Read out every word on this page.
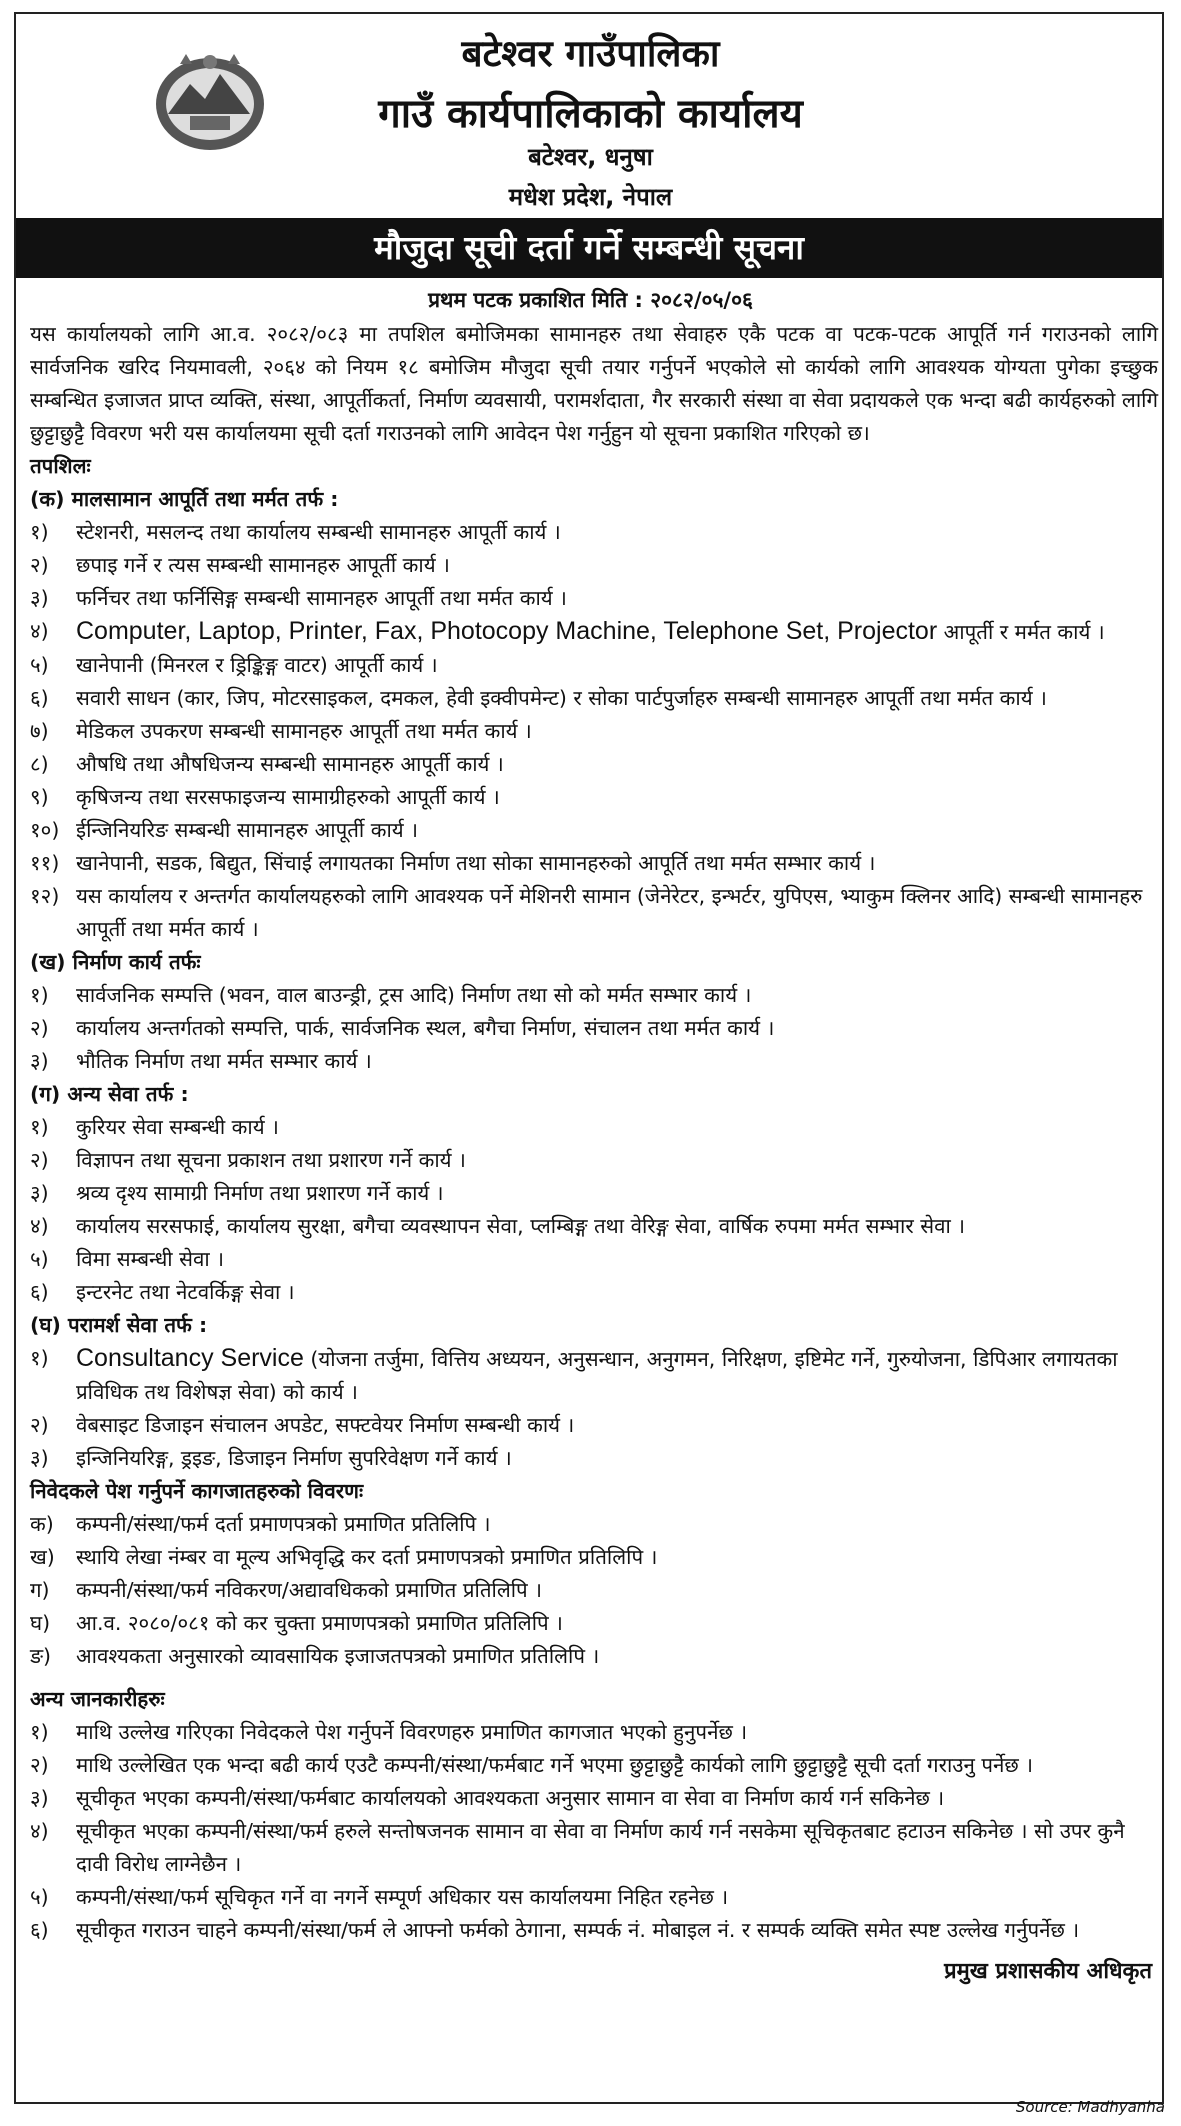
बटेश्वर गाउँपालिका
गाउँ कार्यपालिकाको कार्यालय
बटेश्वर, धनुषा
मधेश प्रदेश, नेपाल
मौजुदा सूची दर्ता गर्ने सम्बन्धी सूचना
प्रथम पटक प्रकाशित मिति : २०८२/०५/०६
यस कार्यालयको लागि आ.व. २०८२/०८३ मा तपशिल बमोजिमका सामानहरु तथा सेवाहरु एकै पटक वा पटक-पटक आपूर्ति गर्न गराउनको लागि सार्वजनिक खरिद नियमावली, २०६४ को नियम १८ बमोजिम मौजुदा सूची तयार गर्नुपर्ने भएकोले सो कार्यको लागि आवश्यक योग्यता पुगेका इच्छुक सम्बन्धित इजाजत प्राप्त व्यक्ति, संस्था, आपूर्तीकर्ता, निर्माण व्यवसायी, परामर्शदाता, गैर सरकारी संस्था वा सेवा प्रदायकले एक भन्दा बढी कार्यहरुको लागि छुट्टाछुट्टै विवरण भरी यस कार्यालयमा सूची दर्ता गराउनको लागि आवेदन पेश गर्नुहुन यो सूचना प्रकाशित गरिएको छ।
तपशिलः
(क) मालसामान आपूर्ति तथा मर्मत तर्फ :
१)	स्टेशनरी, मसलन्द तथा कार्यालय सम्बन्धी सामानहरु आपूर्ती कार्य ।
२)	छपाइ गर्ने र त्यस सम्बन्धी सामानहरु आपूर्ती कार्य ।
३)	फर्निचर तथा फर्निसिङ्ग सम्बन्धी सामानहरु आपूर्ती तथा मर्मत कार्य ।
४)	Computer, Laptop, Printer, Fax, Photocopy Machine, Telephone Set, Projector आपूर्ती र मर्मत कार्य ।
५)	खानेपानी (मिनरल र ड्रिङ्किङ्ग वाटर) आपूर्ती कार्य ।
६)	सवारी साधन (कार, जिप, मोटरसाइकल, दमकल, हेवी इक्वीपमेन्ट) र सोका पार्टपुर्जाहरु सम्बन्धी सामानहरु आपूर्ती तथा मर्मत कार्य ।
७)	मेडिकल उपकरण सम्बन्धी सामानहरु आपूर्ती तथा मर्मत कार्य ।
८)	औषधि तथा औषधिजन्य सम्बन्धी सामानहरु आपूर्ती कार्य ।
९)	कृषिजन्य तथा सरसफाइजन्य सामाग्रीहरुको आपूर्ती कार्य ।
१०) ईन्जिनियरिङ सम्बन्धी सामानहरु आपूर्ती कार्य ।
११) खानेपानी, सडक, बिद्युत, सिंचाई लगायतका निर्माण तथा सोका सामानहरुको आपूर्ति तथा मर्मत सम्भार कार्य ।
१२) यस कार्यालय र अन्तर्गत कार्यालयहरुको लागि आवश्यक पर्ने मेशिनरी सामान (जेनेरेटर, इन्भर्टर, युपिएस, भ्याकुम क्लिनर आदि) सम्बन्धी सामानहरु आपूर्ती तथा मर्मत कार्य ।
(ख) निर्माण कार्य तर्फः
१)	सार्वजनिक सम्पत्ति (भवन, वाल बाउन्ड्री, ट्रस आदि) निर्माण तथा सो को मर्मत सम्भार कार्य ।
२)	कार्यालय अन्तर्गतको सम्पत्ति, पार्क, सार्वजनिक स्थल, बगैचा निर्माण, संचालन तथा मर्मत कार्य ।
३)	भौतिक निर्माण तथा मर्मत सम्भार कार्य ।
(ग) अन्य सेवा तर्फ :
१)	कुरियर सेवा सम्बन्धी कार्य ।
२)	विज्ञापन तथा सूचना प्रकाशन तथा प्रशारण गर्ने कार्य ।
३)	श्रव्य दृश्य सामाग्री निर्माण तथा प्रशारण गर्ने कार्य ।
४)	कार्यालय सरसफाई, कार्यालय सुरक्षा, बगैचा व्यवस्थापन सेवा, प्लम्बिङ्ग तथा वेरिङ्ग सेवा, वार्षिक रुपमा मर्मत सम्भार सेवा ।
५)	विमा सम्बन्धी सेवा ।
६)	इन्टरनेट तथा नेटवर्किङ्ग सेवा ।
(घ) परामर्श सेवा तर्फ :
१)	Consultancy Service (योजना तर्जुमा, वित्तिय अध्ययन, अनुसन्धान, अनुगमन, निरिक्षण, इष्टिमेट गर्ने, गुरुयोजना, डिपिआर लगायतका प्रविधिक तथ विशेषज्ञ सेवा) को कार्य ।
२)	वेबसाइट डिजाइन संचालन अपडेट, सफ्टवेयर निर्माण सम्बन्धी कार्य ।
३)	इन्जिनियरिङ्ग, ड्रइङ, डिजाइन निर्माण सुपरिवेक्षण गर्ने कार्य ।
निवेदकले पेश गर्नुपर्ने कागजातहरुको विवरणः
क)	कम्पनी/संस्था/फर्म दर्ता प्रमाणपत्रको प्रमाणित प्रतिलिपि ।
ख)	स्थायि लेखा नंम्बर वा मूल्य अभिवृद्धि कर दर्ता प्रमाणपत्रको प्रमाणित प्रतिलिपि ।
ग)	कम्पनी/संस्था/फर्म नविकरण/अद्यावधिकको प्रमाणित प्रतिलिपि ।
घ)	आ.व. २०८०/०८१ को कर चुक्ता प्रमाणपत्रको प्रमाणित प्रतिलिपि ।
ङ)	आवश्यकता अनुसारको व्यावसायिक इजाजतपत्रको प्रमाणित प्रतिलिपि ।
अन्य जानकारीहरुः
१)	माथि उल्लेख गरिएका निवेदकले पेश गर्नुपर्ने विवरणहरु प्रमाणित कागजात भएको हुनुपर्नेछ ।
२)	माथि उल्लेखित एक भन्दा बढी कार्य एउटै कम्पनी/संस्था/फर्मबाट गर्ने भएमा छुट्टाछुट्टै कार्यको लागि छुट्टाछुट्टै सूची दर्ता गराउनु पर्नेछ ।
३)	सूचीकृत भएका कम्पनी/संस्था/फर्मबाट कार्यालयको आवश्यकता अनुसार सामान वा सेवा वा निर्माण कार्य गर्न सकिनेछ ।
४)	सूचीकृत भएका कम्पनी/संस्था/फर्म हरुले सन्तोषजनक सामान वा सेवा वा निर्माण कार्य गर्न नसकेमा सूचिकृतबाट हटाउन सकिनेछ । सो उपर कुनै दावी विरोध लाग्नेछैन ।
५)	कम्पनी/संस्था/फर्म सूचिकृत गर्ने वा नगर्ने सम्पूर्ण अधिकार यस कार्यालयमा निहित रहनेछ ।
६)	सूचीकृत गराउन चाहने कम्पनी/संस्था/फर्म ले आफ्नो फर्मको ठेगाना, सम्पर्क नं. मोबाइल नं. र सम्पर्क व्यक्ति समेत स्पष्ट उल्लेख गर्नुपर्नेछ ।
प्रमुख प्रशासकीय अधिकृत
Source: Madhyanha
